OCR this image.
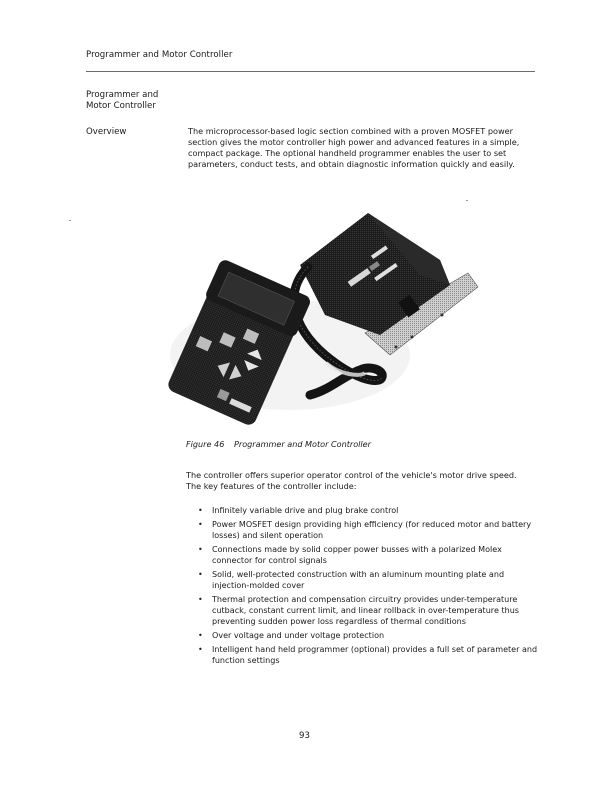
Programmer and Motor Controller
Programmer and
Motor Controller
Overview	The microprocessor-based logic section combined with a proven MOSFET power section gives the motor controller high power and advanced features in a simple, compact package. The optional handheld programmer enables the user to set parameters, conduct tests, and obtain diagnostic information quickly and easily.
Figure 46 Programmer and Motor Controller
The controller offers superior operator control of the vehicle's motor drive speed. The key features of the controller include:
• Infinitely variable drive and plug brake control
• Power MOSFET design providing high efficiency (for reduced motor and battery losses) and silent operation
• Connections made by solid copper power busses with a polarized Molex connector for control signals
• Solid, well-protected construction with an aluminum mounting plate and injection-molded cover
• Thermal protection and compensation circuitry provides under-temperature cutback, constant current limit, and linear rollback in over-temperature thus preventing sudden power loss regardless of thermal conditions
• Over voltage and under voltage protection
• Intelligent hand held programmer (optional) provides a full set of parameter and function settings
93
